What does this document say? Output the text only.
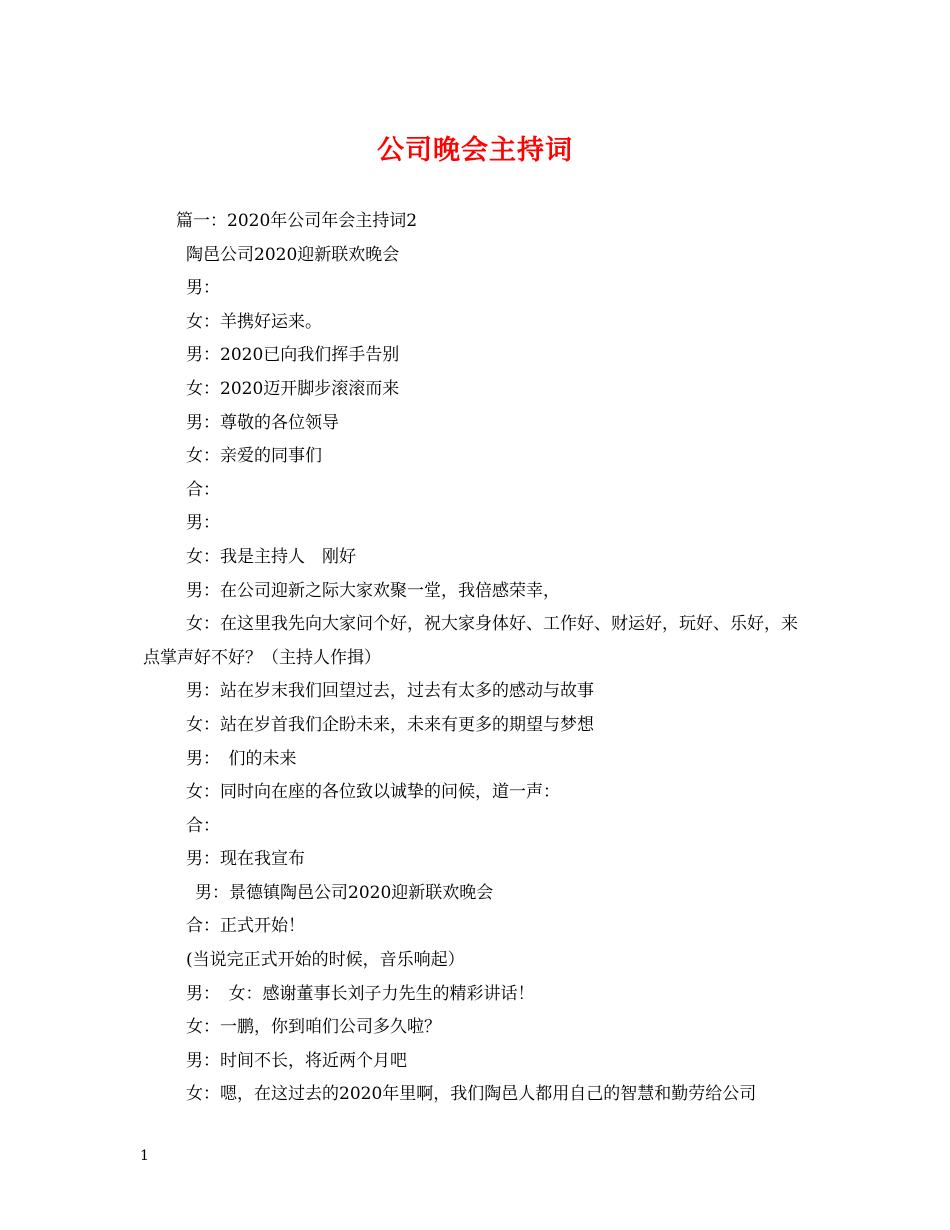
公司晚会主持词
篇一：2020年公司年会主持词2
陶邑公司2020迎新联欢晚会
男：
女：羊携好运来。
男：2020已向我们挥手告别
女：2020迈开脚步滚滚而来
男：尊敬的各位领导
女：亲爱的同事们
合：
男：
女：我是主持人　刚好
男：在公司迎新之际大家欢聚一堂，我倍感荣幸，
女：在这里我先向大家问个好，祝大家身体好、工作好、财运好，玩好、乐好，来点掌声好不好？（主持人作揖）
男：站在岁末我们回望过去，过去有太多的感动与故事
女：站在岁首我们企盼未来，未来有更多的期望与梦想
男：　们的未来
女：同时向在座的各位致以诚挚的问候，道一声：
合：
男：现在我宣布
男：景德镇陶邑公司2020迎新联欢晚会
合：正式开始！
(当说完正式开始的时候，音乐响起）
男：　女：感谢董事长刘子力先生的精彩讲话！
女：一鹏，你到咱们公司多久啦？
男：时间不长，将近两个月吧
女：嗯，在这过去的2020年里啊，我们陶邑人都用自己的智慧和勤劳给公司
1
